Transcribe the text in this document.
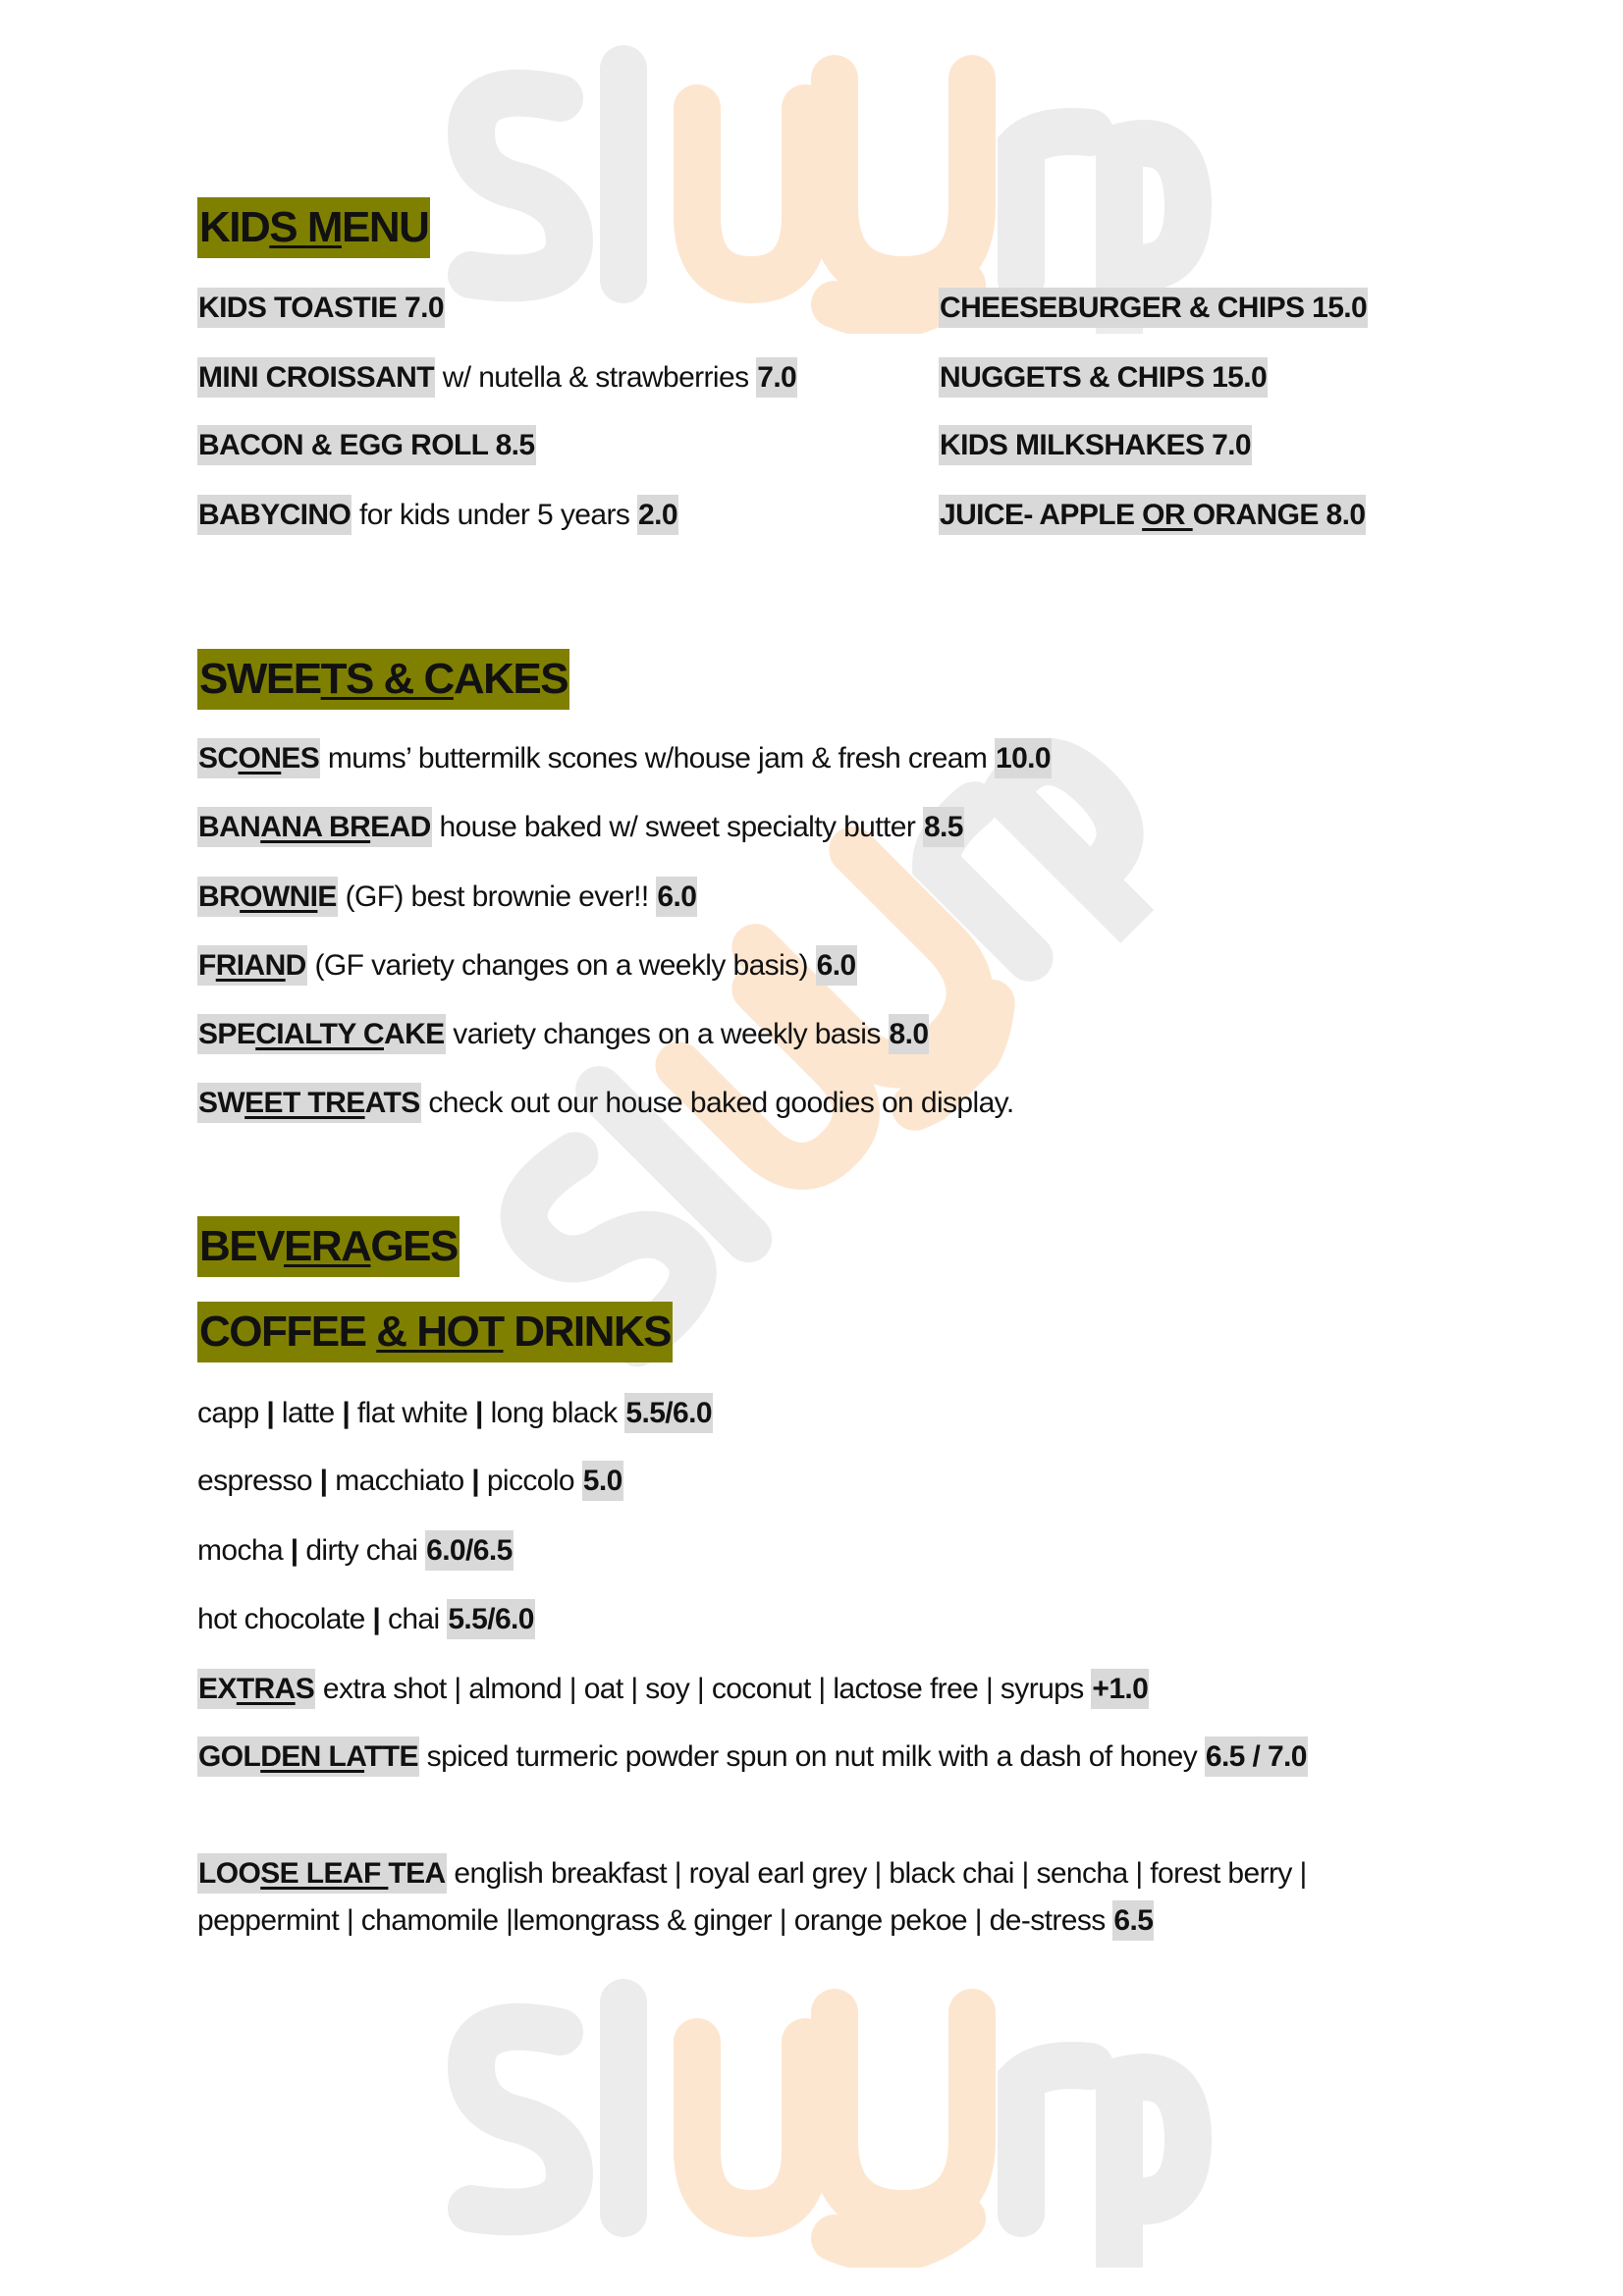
KIDS MENU
KIDS TOASTIE 7.0
MINI CROISSANT w/ nutella & strawberries 7.0
BACON & EGG ROLL 8.5
BABYCINO for kids under 5 years 2.0
CHEESEBURGER & CHIPS 15.0
NUGGETS & CHIPS 15.0
KIDS MILKSHAKES 7.0
JUICE- APPLE OR ORANGE 8.0
SWEETS & CAKES
SCONES mums’ buttermilk scones w/house jam & fresh cream 10.0
BANANA BREAD house baked w/ sweet specialty butter 8.5
BROWNIE (GF) best brownie ever!! 6.0
FRIAND (GF variety changes on a weekly basis) 6.0
SPECIALTY CAKE variety changes on a weekly basis 8.0
SWEET TREATS check out our house baked goodies on display.
BEVERAGES
COFFEE & HOT DRINKS
capp | latte | flat white | long black 5.5/6.0
espresso | macchiato | piccolo 5.0
mocha | dirty chai 6.0/6.5
hot chocolate | chai 5.5/6.0
EXTRAS extra shot | almond | oat | soy | coconut | lactose free | syrups +1.0
GOLDEN LATTE spiced turmeric powder spun on nut milk with a dash of honey 6.5 / 7.0
LOOSE LEAF TEA english breakfast | royal earl grey | black chai | sencha | forest berry | peppermint | chamomile |lemongrass & ginger | orange pekoe | de-stress 6.5
